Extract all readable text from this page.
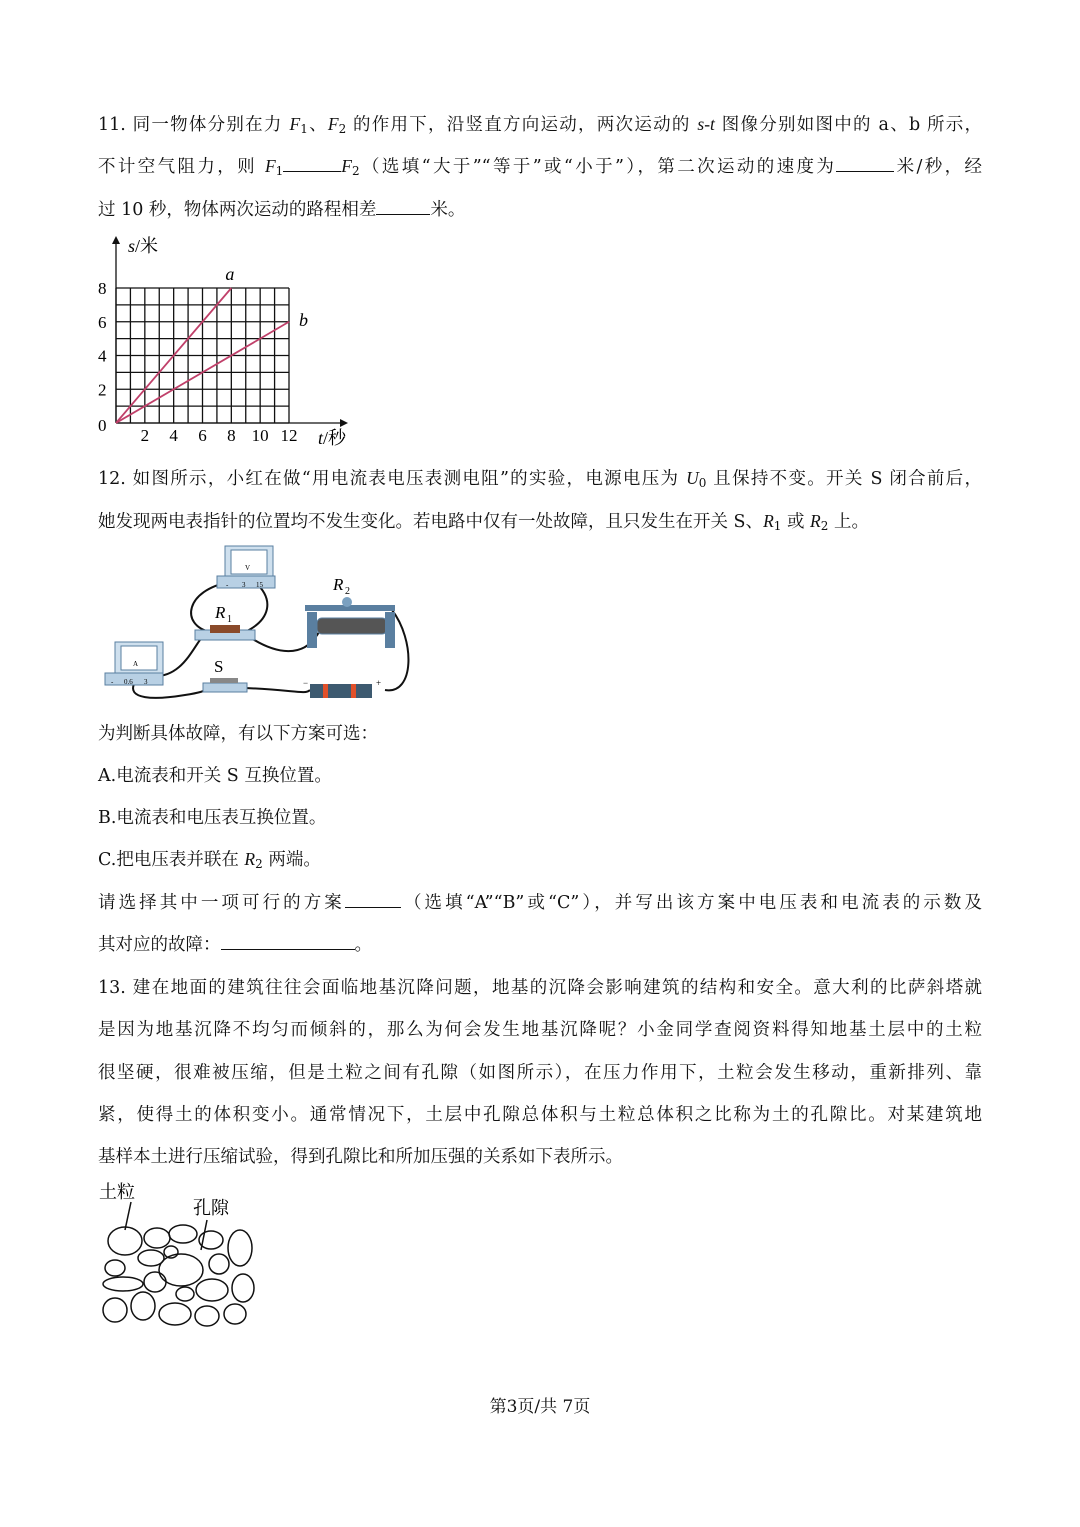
11. 同一物体分别在力 $F_1$、$F_2$ 的作用下，沿竖直方向运动，两次运动的 s-t 图像分别如图中的 a、b 所示，
不计空气阻力，则 $F_1$	$F_2$（选填“大于”“等于”或“小于”），第二次运动的速度为	米/秒，经
过 10 秒，物体两次运动的路程相差	米。
a
b
2 4 6 8 10 12
2
4
6
8
0
s/米
t/秒
12. 如图所示，小红在做“用电流表电压表测电阻”的实验，电源电压为 $U_0$ 且保持不变。开关 S 闭合前后，
她发现两电表指针的位置均不发生变化。若电路中仅有一处故障，且只发生在开关 S、$R_1$ 或 $R_2$ 上。
V
- 3 15
A
- 0.6 3
R 1
R 2
S
−	+
为判断具体故障，有以下方案可选：
A.电流表和开关 S 互换位置。
B.电流表和电压表互换位置。
C.把电压表并联在 $R_2$ 两端。
请选择其中一项可行的方案	（选填“A”“B”或“C”），并写出该方案中电压表和电流表的示数及
其对应的故障：	。
13. 建在地面的建筑往往会面临地基沉降问题，地基的沉降会影响建筑的结构和安全。意大利的比萨斜塔就
是因为地基沉降不均匀而倾斜的，那么为何会发生地基沉降呢？小金同学查阅资料得知地基土层中的土粒
很坚硬，很难被压缩，但是土粒之间有孔隙（如图所示），在压力作用下，土粒会发生移动，重新排列、靠
紧，使得土的体积变小。通常情况下，土层中孔隙总体积与土粒总体积之比称为土的孔隙比。对某建筑地
基样本土进行压缩试验，得到孔隙比和所加压强的关系如下表所示。
土粒
孔隙
第3页/共 7页
